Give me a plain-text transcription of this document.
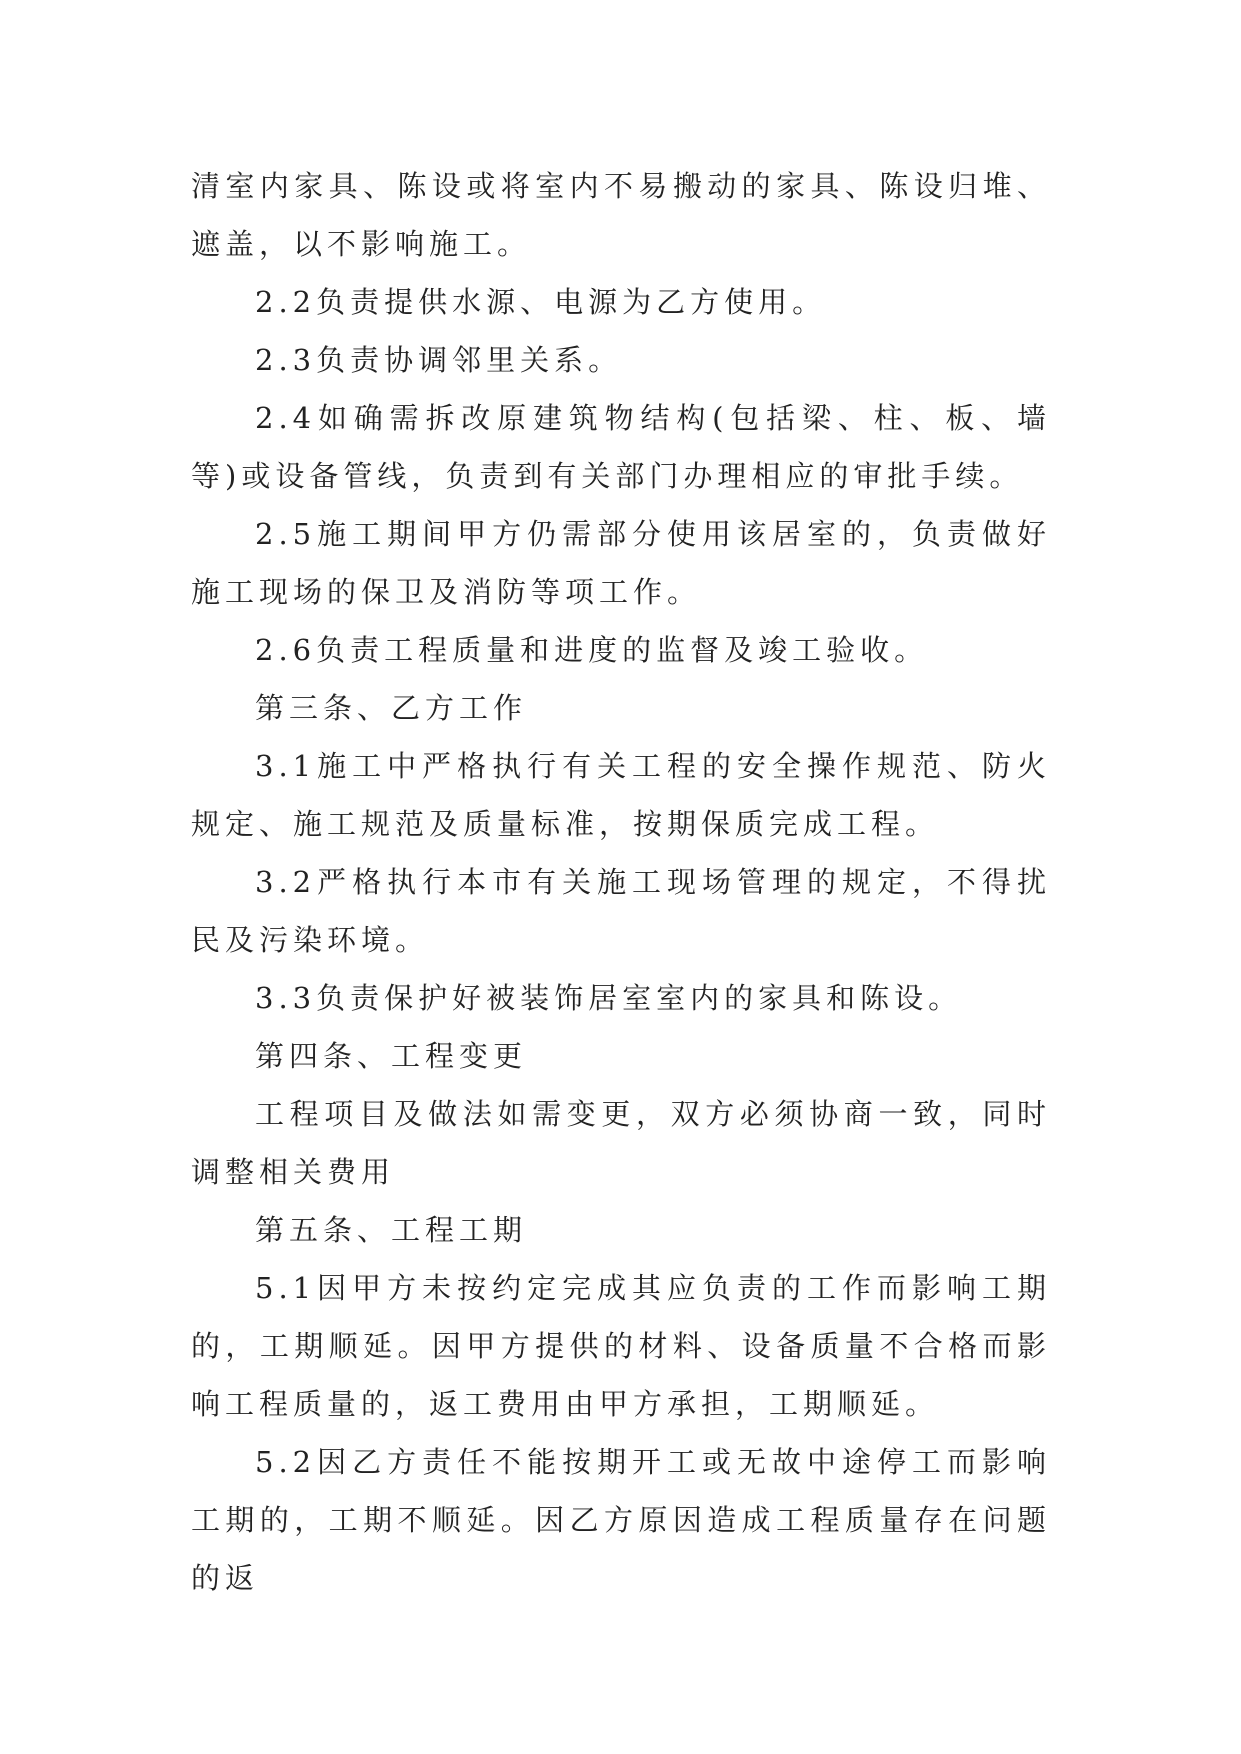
清室内家具、陈设或将室内不易搬动的家具、陈设归堆、遮盖，以不影响施工。

2.2负责提供水源、电源为乙方使用。

2.3负责协调邻里关系。

2.4如确需拆改原建筑物结构(包括梁、柱、板、墙等)或设备管线，负责到有关部门办理相应的审批手续。

2.5施工期间甲方仍需部分使用该居室的，负责做好施工现场的保卫及消防等项工作。

2.6负责工程质量和进度的监督及竣工验收。

第三条、乙方工作

3.1施工中严格执行有关工程的安全操作规范、防火规定、施工规范及质量标准，按期保质完成工程。

3.2严格执行本市有关施工现场管理的规定，不得扰民及污染环境。

3.3负责保护好被装饰居室室内的家具和陈设。

第四条、工程变更

工程项目及做法如需变更，双方必须协商一致，同时调整相关费用

第五条、工程工期

5.1因甲方未按约定完成其应负责的工作而影响工期的，工期顺延。因甲方提供的材料、设备质量不合格而影响工程质量的，返工费用由甲方承担，工期顺延。

5.2因乙方责任不能按期开工或无故中途停工而影响工期的，工期不顺延。因乙方原因造成工程质量存在问题的返
